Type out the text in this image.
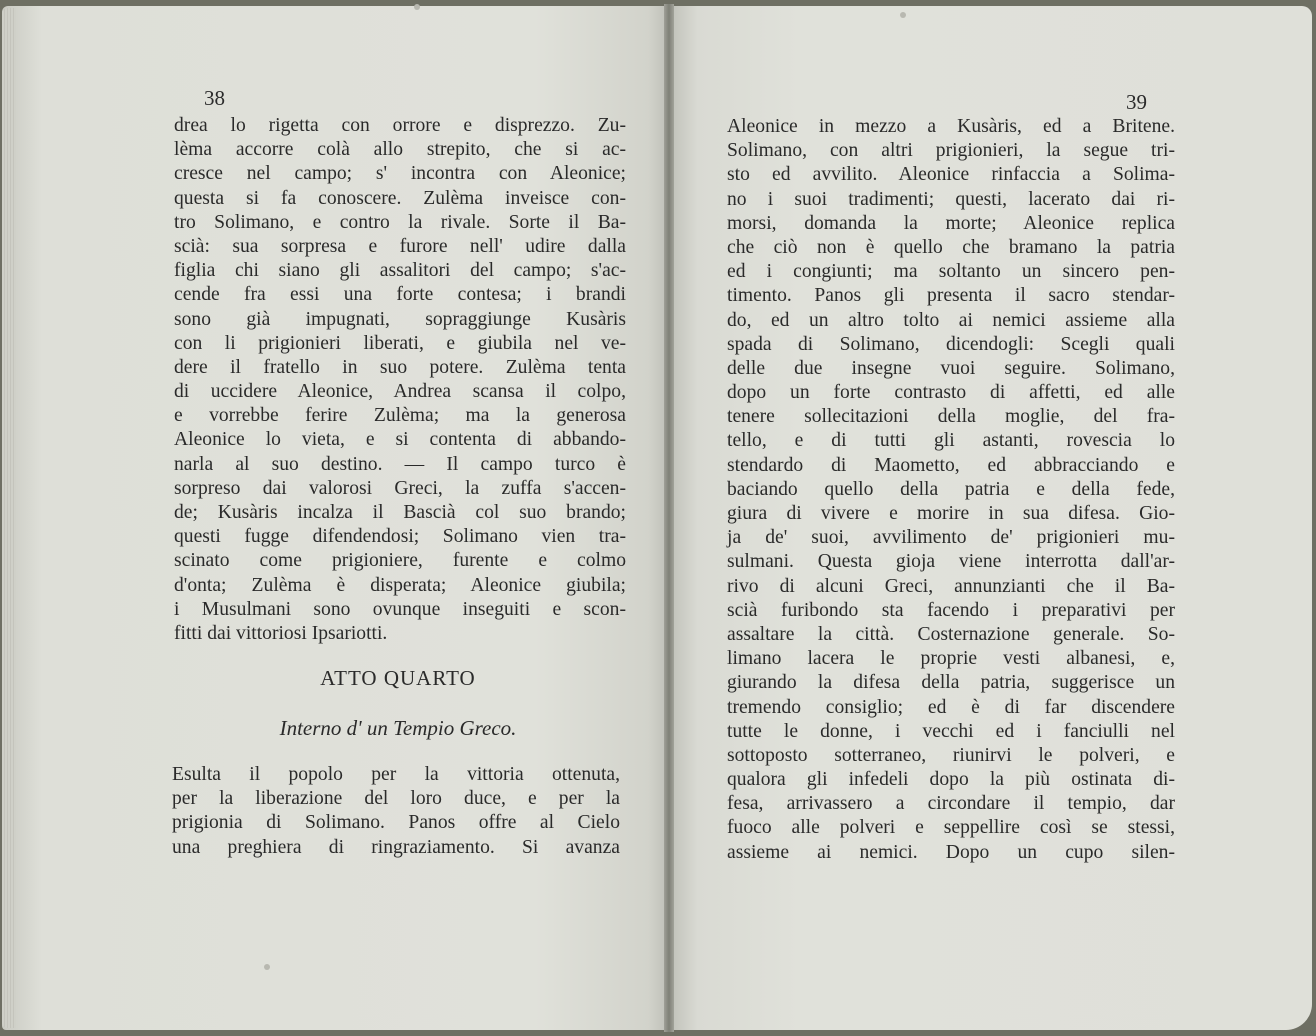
38	39
drea lo rigetta con orrore e disprezzo. Zu-
lèma accorre colà allo strepito, che si ac-
cresce nel campo; s' incontra con Aleonice;
questa si fa conoscere. Zulèma inveisce con-
tro Solimano, e contro la rivale. Sorte il Ba-
scià: sua sorpresa e furore nell' udire dalla
figlia chi siano gli assalitori del campo; s'ac-
cende fra essi una forte contesa; i brandi
sono già impugnati, sopraggiunge Kusàris
con li prigionieri liberati, e giubila nel ve-
dere il fratello in suo potere. Zulèma tenta
di uccidere Aleonice, Andrea scansa il colpo,
e vorrebbe ferire Zulèma; ma la generosa
Aleonice lo vieta, e si contenta di abbando-
narla al suo destino. — Il campo turco è
sorpreso dai valorosi Greci, la zuffa s'accen-
de; Kusàris incalza il Bascià col suo brando;
questi fugge difendendosi; Solimano vien tra-
scinato come prigioniere, furente e colmo
d'onta; Zulèma è disperata; Aleonice giubila;
i Musulmani sono ovunque inseguiti e scon-
fitti dai vittoriosi Ipsariotti.
ATTO QUARTO
Interno d' un Tempio Greco.
Esulta il popolo per la vittoria ottenuta,
per la liberazione del loro duce, e per la
prigionia di Solimano. Panos offre al Cielo
una preghiera di ringraziamento. Si avanza
Aleonice in mezzo a Kusàris, ed a Britene.
Solimano, con altri prigionieri, la segue tri-
sto ed avvilito. Aleonice rinfaccia a Solima-
no i suoi tradimenti; questi, lacerato dai ri-
morsi, domanda la morte; Aleonice replica
che ciò non è quello che bramano la patria
ed i congiunti; ma soltanto un sincero pen-
timento. Panos gli presenta il sacro stendar-
do, ed un altro tolto ai nemici assieme alla
spada di Solimano, dicendogli: Scegli quali
delle due insegne vuoi seguire. Solimano,
dopo un forte contrasto di affetti, ed alle
tenere sollecitazioni della moglie, del fra-
tello, e di tutti gli astanti, rovescia lo
stendardo di Maometto, ed abbracciando e
baciando quello della patria e della fede,
giura di vivere e morire in sua difesa. Gio-
ja de' suoi, avvilimento de' prigionieri mu-
sulmani. Questa gioja viene interrotta dall'ar-
rivo di alcuni Greci, annunzianti che il Ba-
scià furibondo sta facendo i preparativi per
assaltare la città. Costernazione generale. So-
limano lacera le proprie vesti albanesi, e,
giurando la difesa della patria, suggerisce un
tremendo consiglio; ed è di far discendere
tutte le donne, i vecchi ed i fanciulli nel
sottoposto sotterraneo, riunirvi le polveri, e
qualora gli infedeli dopo la più ostinata di-
fesa, arrivassero a circondare il tempio, dar
fuoco alle polveri e seppellire così se stessi,
assieme ai nemici. Dopo un cupo silen-
